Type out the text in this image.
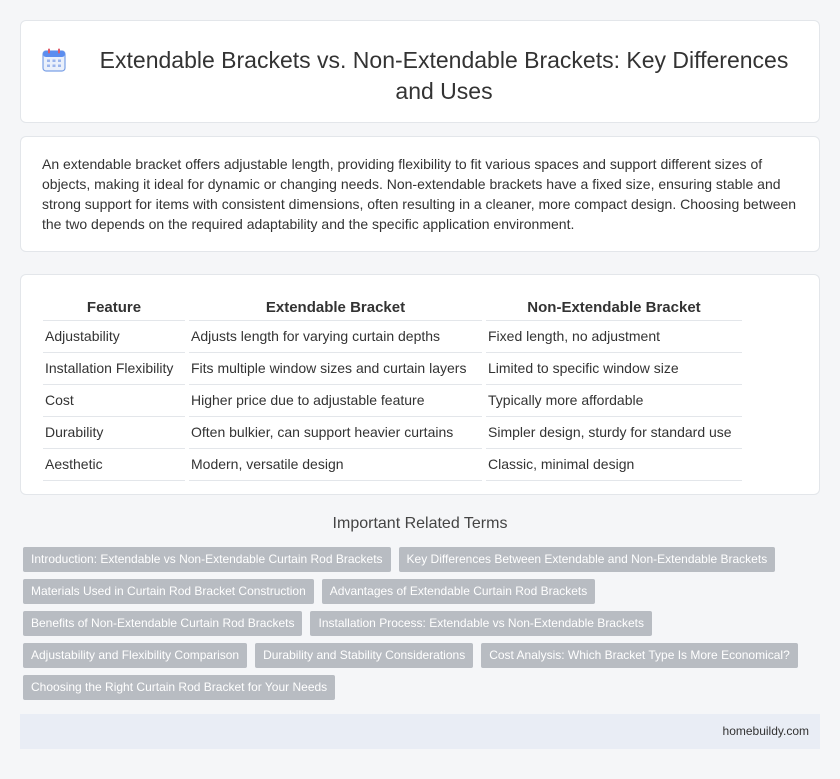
Extendable Brackets vs. Non-Extendable Brackets: Key Differences and Uses

An extendable bracket offers adjustable length, providing flexibility to fit various spaces and support different sizes of objects, making it ideal for dynamic or changing needs. Non-extendable brackets have a fixed size, ensuring stable and strong support for items with consistent dimensions, often resulting in a cleaner, more compact design. Choosing between the two depends on the required adaptability and the specific application environment.

Feature	Extendable Bracket	Non-Extendable Bracket
Adjustability	Adjusts length for varying curtain depths	Fixed length, no adjustment
Installation Flexibility	Fits multiple window sizes and curtain layers	Limited to specific window size
Cost	Higher price due to adjustable feature	Typically more affordable
Durability	Often bulkier, can support heavier curtains	Simpler design, sturdy for standard use
Aesthetic	Modern, versatile design	Classic, minimal design
Important Related Terms
Introduction: Extendable vs Non-Extendable Curtain Rod Brackets	Key Differences Between Extendable and Non-Extendable Brackets
Materials Used in Curtain Rod Bracket Construction	Advantages of Extendable Curtain Rod Brackets
Benefits of Non-Extendable Curtain Rod Brackets	Installation Process: Extendable vs Non-Extendable Brackets
Adjustability and Flexibility Comparison	Durability and Stability Considerations	Cost Analysis: Which Bracket Type Is More Economical?
Choosing the Right Curtain Rod Bracket for Your Needs
homebuildy.com
